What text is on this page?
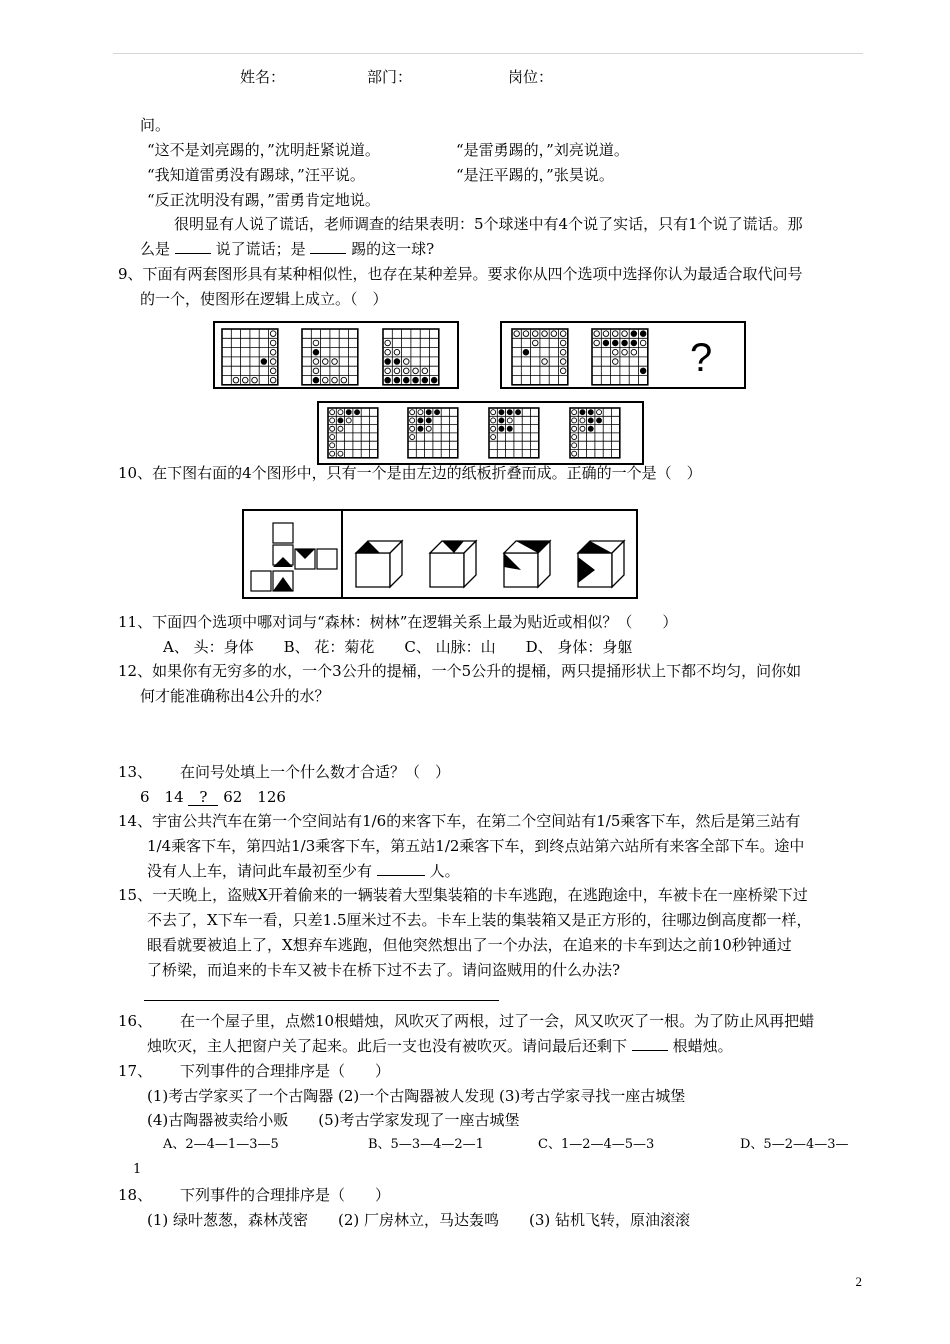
姓名：	部门：	岗位：
问。
“这不是刘亮踢的，”沈明赶紧说道。	“是雷勇踢的，”刘亮说道。
“我知道雷勇没有踢球，”汪平说。	“是汪平踢的，”张昊说。
“反正沈明没有踢，”雷勇肯定地说。
很明显有人说了谎话，老师调查的结果表明：5个球迷中有4个说了实话，只有1个说了谎话。那
么是	说了谎话；是	踢的这一球?
9、下面有两套图形具有某种相似性，也存在某种差异。要求你从四个选项中选择你认为最适合取代问号
的一个，使图形在逻辑上成立。（　）
?
10、在下图右面的4个图形中，只有一个是由左边的纸板折叠而成。正确的一个是（　）
11、下面四个选项中哪对词与“森林：树林”在逻辑关系上最为贴近或相似？（　　）
A、 头：身体　　B、 花：菊花　　C、 山脉：山　　D、 身体：身躯
12、如果你有无穷多的水，一个3公升的提桶，一个5公升的提桶，两只提捅形状上下都不均匀，问你如
何才能准确称出4公升的水？
13、 在问号处填上一个什么数才合适？（　）
6　14 ? 62　126
14、宇宙公共汽车在第一个空间站有1/6的来客下车，在第二个空间站有1/5乘客下车，然后是第三站有
1/4乘客下车，第四站1/3乘客下车，第五站1/2乘客下车，到终点站第六站所有来客全部下车。途中
没有人上车，请问此车最初至少有	人。
15、一天晚上，盗贼X开着偷来的一辆装着大型集装箱的卡车逃跑，在逃跑途中，车被卡在一座桥梁下过
不去了，X下车一看，只差1.5厘米过不去。卡车上装的集装箱又是正方形的，往哪边倒高度都一样，
眼看就要被追上了，X想弃车逃跑，但他突然想出了一个办法，在追来的卡车到达之前10秒钟通过
了桥梁，而追来的卡车又被卡在桥下过不去了。请问盗贼用的什么办法?
16、 在一个屋子里，点燃10根蜡烛，风吹灭了两根，过了一会，风又吹灭了一根。为了防止风再把蜡
烛吹灭，主人把窗户关了起来。此后一支也没有被吹灭。请问最后还剩下	根蜡烛。
17、 下列事件的合理排序是（　　）
(1)考古学家买了一个古陶器 (2)一个古陶器被人发现 (3)考古学家寻找一座古城堡
(4)古陶器被卖给小贩　　(5)考古学家发现了一座古城堡
A、2—4—1—3—5	B、5—3—4—2—1	C、1—2—4—5—3	D、5—2—4—3—
1
18、 下列事件的合理排序是（　　）
(1) 绿叶葱葱，森林茂密　　(2) 厂房林立，马达轰鸣　　(3) 钻机飞转，原油滚滚
2
